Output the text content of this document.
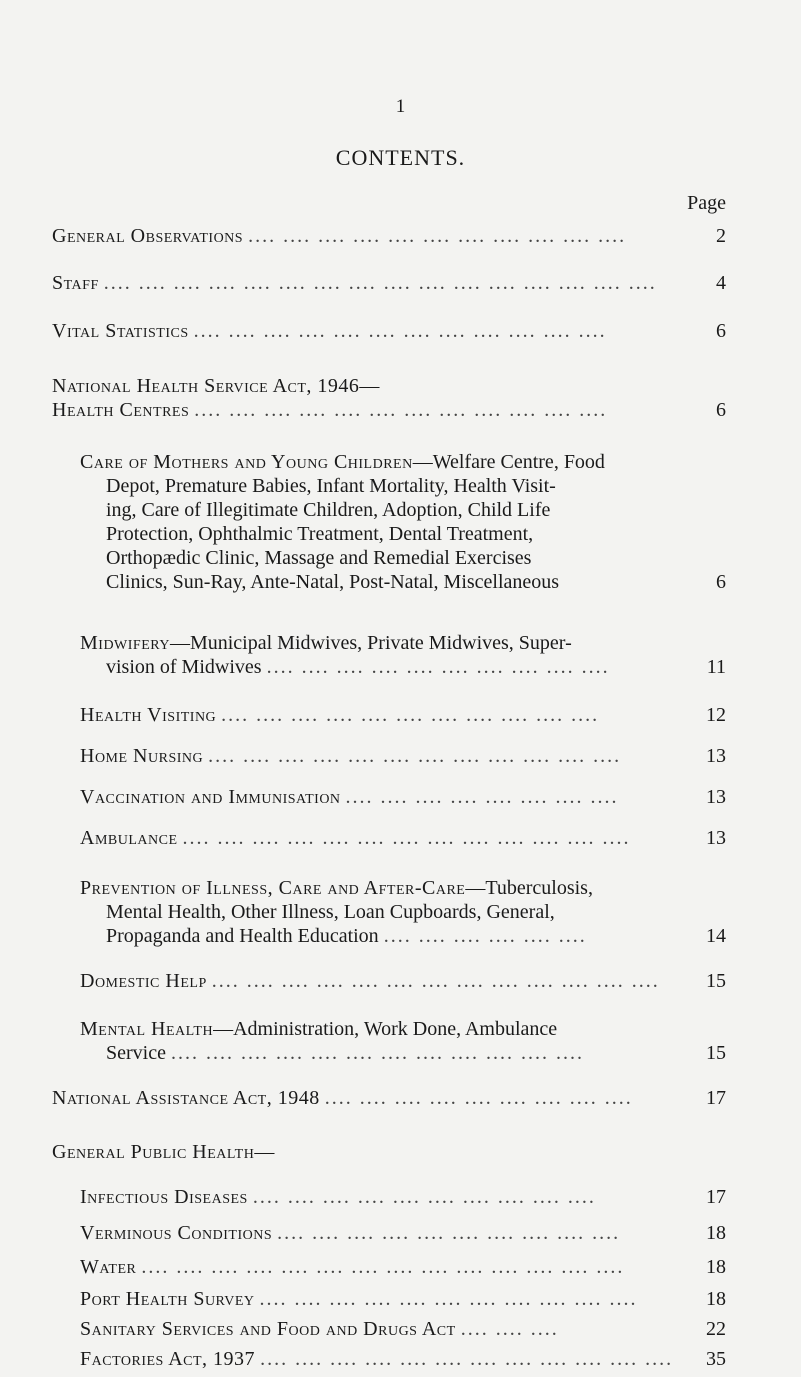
1
CONTENTS.
Page
General Observations .... .... .... .... .... .... .... .... .... .... ....	2
Staff .... .... .... .... .... .... .... .... .... .... .... .... .... .... .... ....	4
Vital Statistics .... .... .... .... .... .... .... .... .... .... .... ....	6
National Health Service Act, 1946—
Health Centres .... .... .... .... .... .... .... .... .... .... .... ....	6
Care of Mothers and Young Children—Welfare Centre, Food
Depot, Premature Babies, Infant Mortality, Health Visit-
ing, Care of Illegitimate Children, Adoption, Child Life
Protection, Ophthalmic Treatment, Dental Treatment,
Orthopædic Clinic, Massage and Remedial Exercises
Clinics, Sun-Ray, Ante-Natal, Post-Natal, Miscellaneous	6
Midwifery—Municipal Midwives, Private Midwives, Super-
vision of Midwives .... .... .... .... .... .... .... .... .... ....	11
Health Visiting .... .... .... .... .... .... .... .... .... .... ....	12
Home Nursing .... .... .... .... .... .... .... .... .... .... .... ....	13
Vaccination and Immunisation .... .... .... .... .... .... .... ....	13
Ambulance .... .... .... .... .... .... .... .... .... .... .... .... ....	13
Prevention of Illness, Care and After-Care—Tuberculosis,
Mental Health, Other Illness, Loan Cupboards, General,
Propaganda and Health Education .... .... .... .... .... ....	14
Domestic Help .... .... .... .... .... .... .... .... .... .... .... .... ....	15
Mental Health—Administration, Work Done, Ambulance
Service .... .... .... .... .... .... .... .... .... .... .... ....	15
National Assistance Act, 1948 .... .... .... .... .... .... .... .... ....	17
General Public Health—
Infectious Diseases .... .... .... .... .... .... .... .... .... ....	17
Verminous Conditions .... .... .... .... .... .... .... .... .... ....	18
Water .... .... .... .... .... .... .... .... .... .... .... .... .... ....	18
Port Health Survey .... .... .... .... .... .... .... .... .... .... ....	18
Sanitary Services and Food and Drugs Act .... .... ....	22
Factories Act, 1937 .... .... .... .... .... .... .... .... .... .... .... ....	35
